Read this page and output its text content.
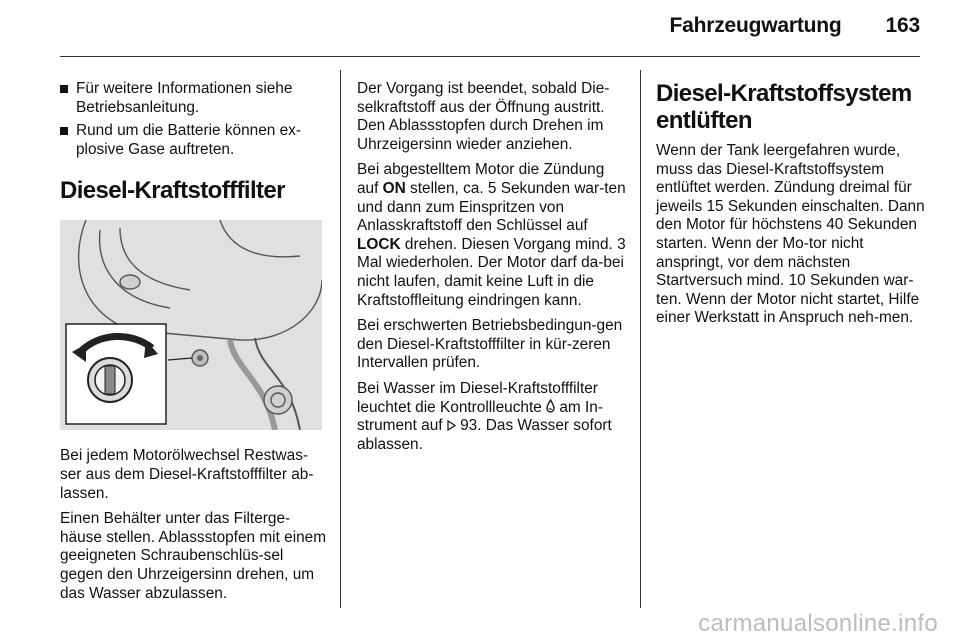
Fahrzeugwartung 163
Für weitere Informationen siehe Betriebsanleitung.
Rund um die Batterie können ex-plosive Gase auftreten.
Diesel-Kraftstofffilter

Bei jedem Motorölwechsel Restwas-ser aus dem Diesel-Kraftstofffilter ab-lassen.

Einen Behälter unter das Filterge-häuse stellen. Ablassstopfen mit einem geeigneten Schraubenschlüs-sel gegen den Uhrzeigersinn drehen, um das Wasser abzulassen.

Der Vorgang ist beendet, sobald Die-selkraftstoff aus der Öffnung austritt. Den Ablassstopfen durch Drehen im Uhrzeigersinn wieder anziehen.

Bei abgestelltem Motor die Zündung auf ON stellen, ca. 5 Sekunden war-ten und dann zum Einspritzen von Anlasskraftstoff den Schlüssel auf LOCK drehen. Diesen Vorgang mind. 3 Mal wiederholen. Der Motor darf da-bei nicht laufen, damit keine Luft in die Kraftstoffleitung eindringen kann.

Bei erschwerten Betriebsbedingun-gen den Diesel-Kraftstofffilter in kür-zeren Intervallen prüfen.

Bei Wasser im Diesel-Kraftstofffilter leuchtet die Kontrollleuchte  am In-strument auf  93. Das Wasser sofort ablassen.

Diesel-Kraftstoffsystem entlüften

Wenn der Tank leergefahren wurde, muss das Diesel-Kraftstoffsystem entlüftet werden. Zündung dreimal für jeweils 15 Sekunden einschalten. Dann den Motor für höchstens 40 Sekunden starten. Wenn der Mo-tor nicht anspringt, vor dem nächsten Startversuch mind. 10 Sekunden war-ten. Wenn der Motor nicht startet, Hilfe einer Werkstatt in Anspruch neh-men.

carmanualsonline.info
